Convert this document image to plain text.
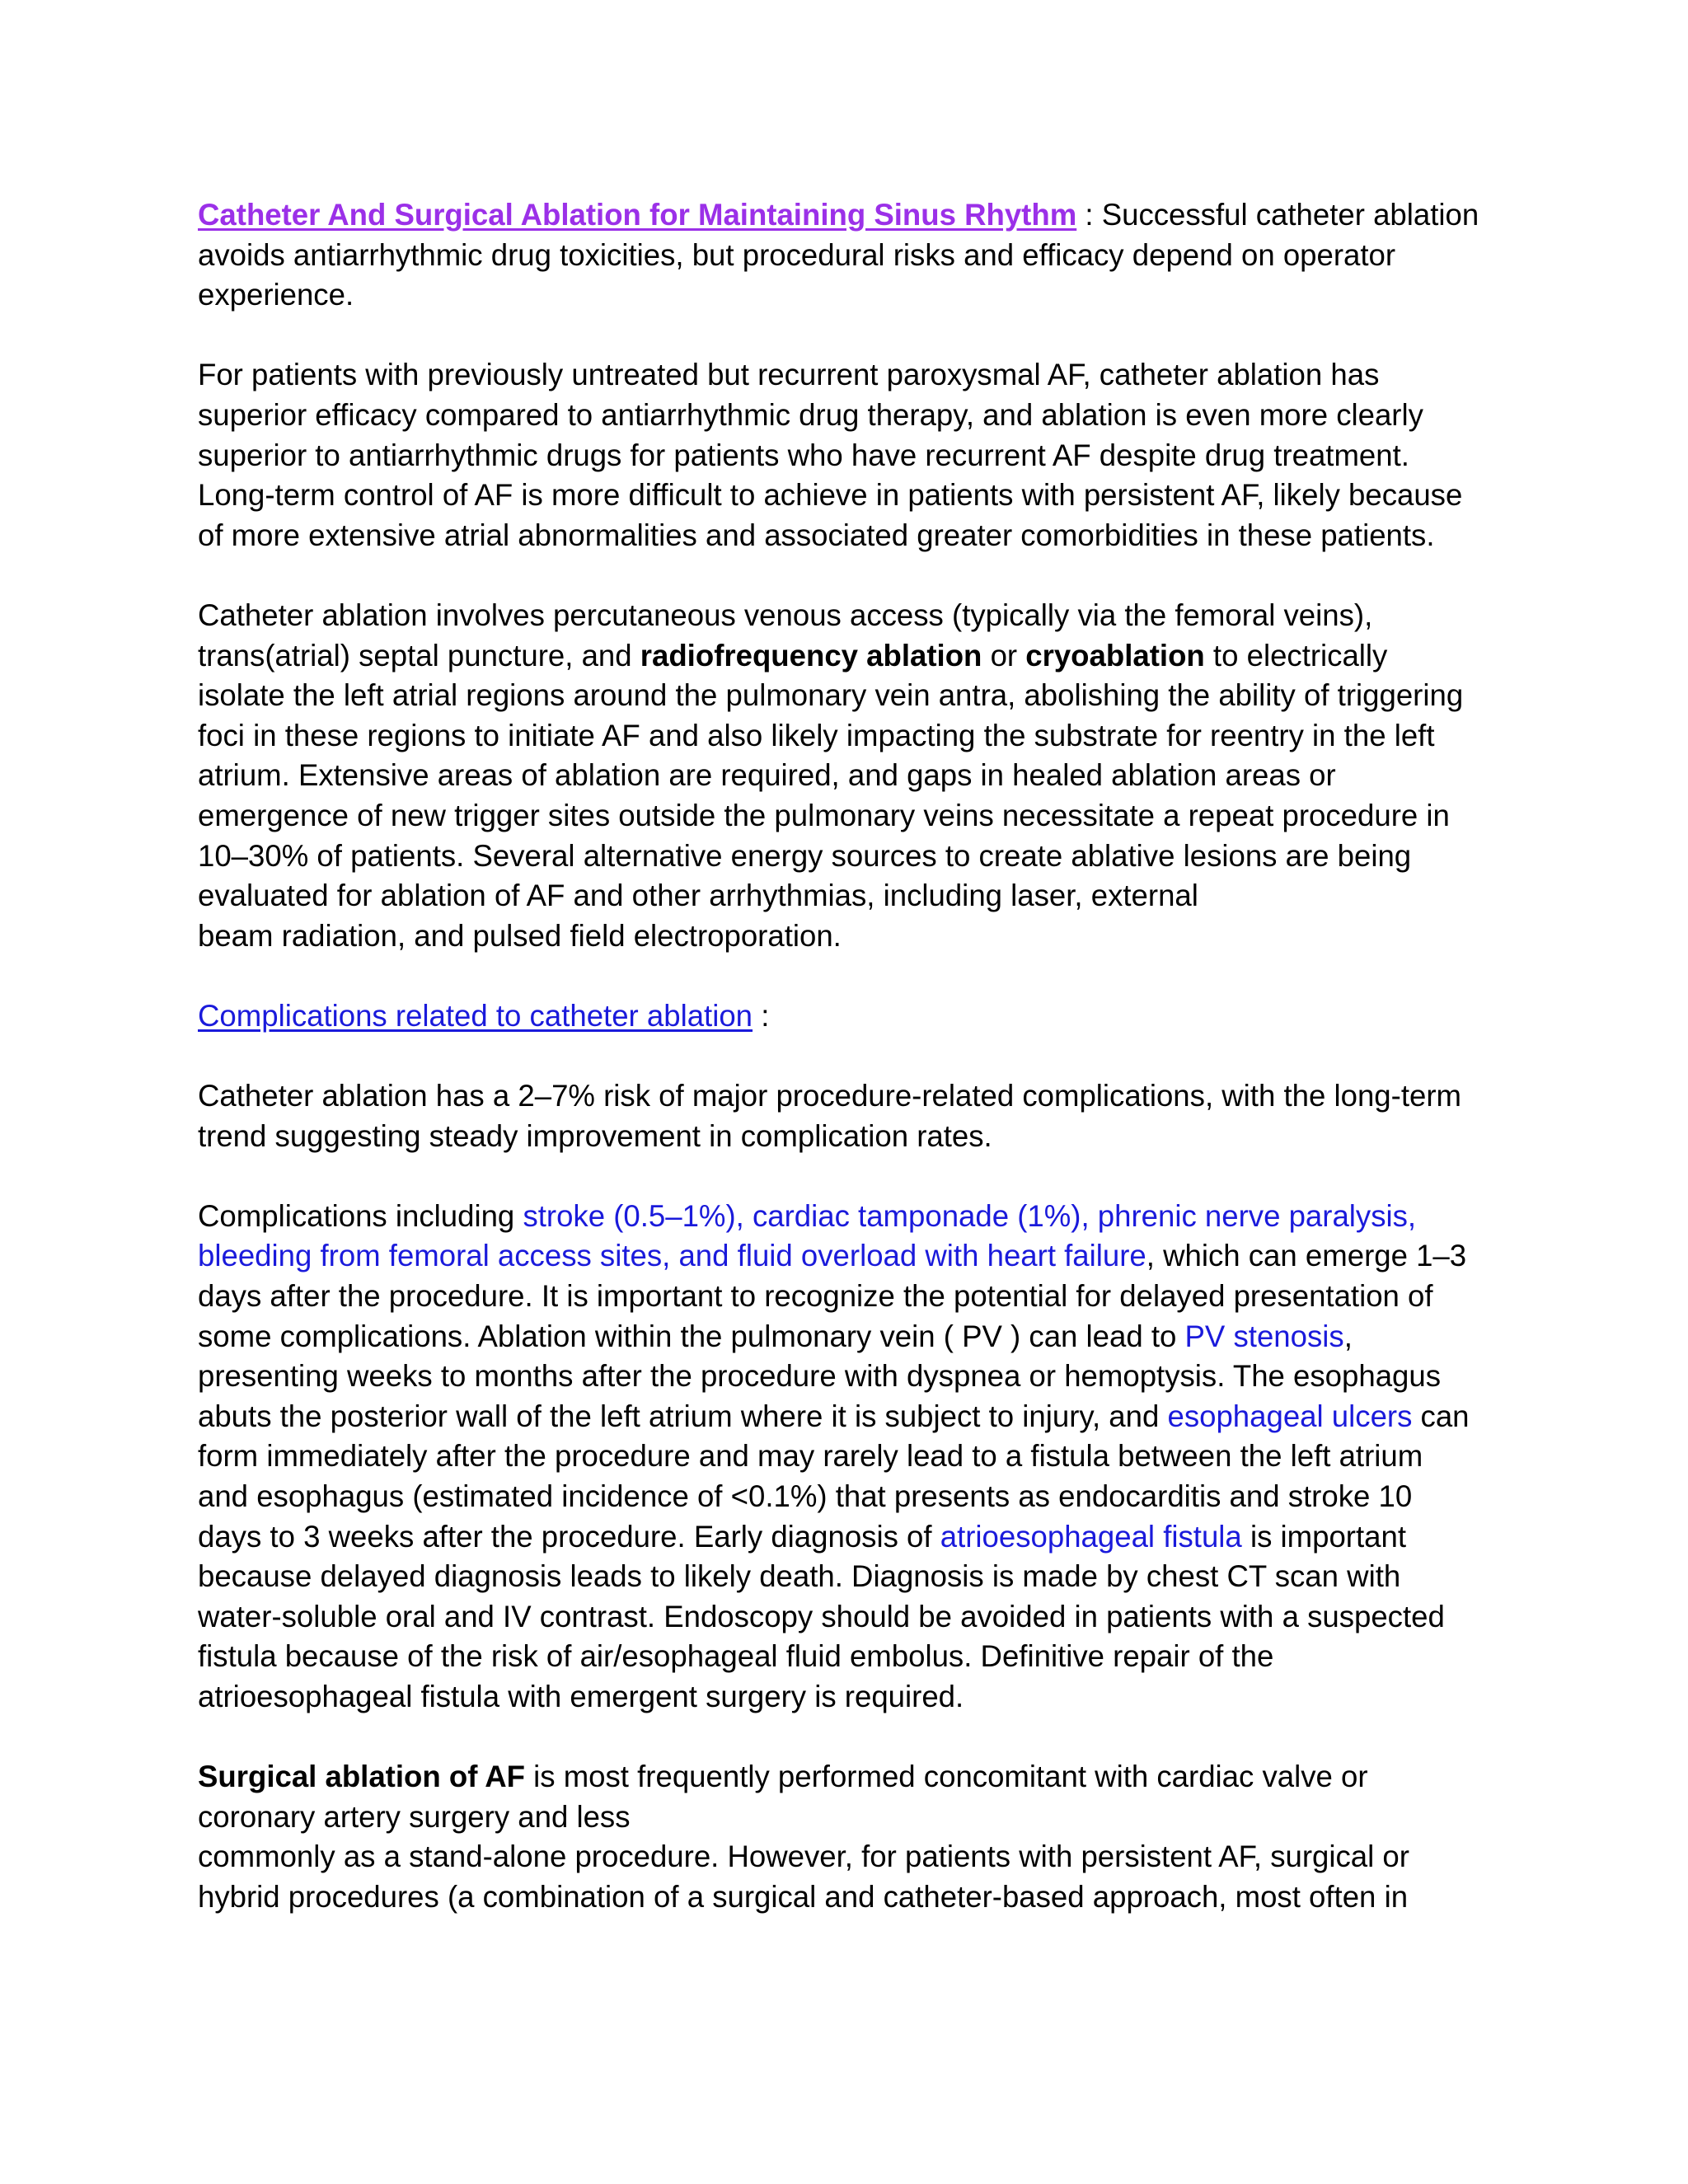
Catheter And Surgical Ablation for Maintaining Sinus Rhythm : Successful catheter ablation
avoids antiarrhythmic drug toxicities, but procedural risks and efficacy depend on operator
experience.
For patients with previously untreated but recurrent paroxysmal AF, catheter ablation has
superior efficacy compared to antiarrhythmic drug therapy, and ablation is even more clearly
superior to antiarrhythmic drugs for patients who have recurrent AF despite drug treatment.
Long-term control of AF is more difficult to achieve in patients with persistent AF, likely because
of more extensive atrial abnormalities and associated greater comorbidities in these patients.
Catheter ablation involves percutaneous venous access (typically via the femoral veins),
trans(atrial) septal puncture, and radiofrequency ablation or cryoablation to electrically
isolate the left atrial regions around the pulmonary vein antra, abolishing the ability of triggering
foci in these regions to initiate AF and also likely impacting the substrate for reentry in the left
atrium. Extensive areas of ablation are required, and gaps in healed ablation areas or
emergence of new trigger sites outside the pulmonary veins necessitate a repeat procedure in
10–30% of patients. Several alternative energy sources to create ablative lesions are being
evaluated for ablation of AF and other arrhythmias, including laser, external
beam radiation, and pulsed field electroporation.
Complications related to catheter ablation :
Catheter ablation has a 2–7% risk of major procedure-related complications, with the long-term
trend suggesting steady improvement in complication rates.
Complications including stroke (0.5–1%), cardiac tamponade (1%), phrenic nerve paralysis,
bleeding from femoral access sites, and fluid overload with heart failure, which can emerge 1–3
days after the procedure. It is important to recognize the potential for delayed presentation of
some complications. Ablation within the pulmonary vein ( PV ) can lead to PV stenosis,
presenting weeks to months after the procedure with dyspnea or hemoptysis. The esophagus
abuts the posterior wall of the left atrium where it is subject to injury, and esophageal ulcers can
form immediately after the procedure and may rarely lead to a fistula between the left atrium
and esophagus (estimated incidence of <0.1%) that presents as endocarditis and stroke 10
days to 3 weeks after the procedure. Early diagnosis of atrioesophageal fistula is important
because delayed diagnosis leads to likely death. Diagnosis is made by chest CT scan with
water-soluble oral and IV contrast. Endoscopy should be avoided in patients with a suspected
fistula because of the risk of air/esophageal fluid embolus. Definitive repair of the
atrioesophageal fistula with emergent surgery is required.
Surgical ablation of AF is most frequently performed concomitant with cardiac valve or
coronary artery surgery and less
commonly as a stand-alone procedure. However, for patients with persistent AF, surgical or
hybrid procedures (a combination of a surgical and catheter-based approach, most often in
